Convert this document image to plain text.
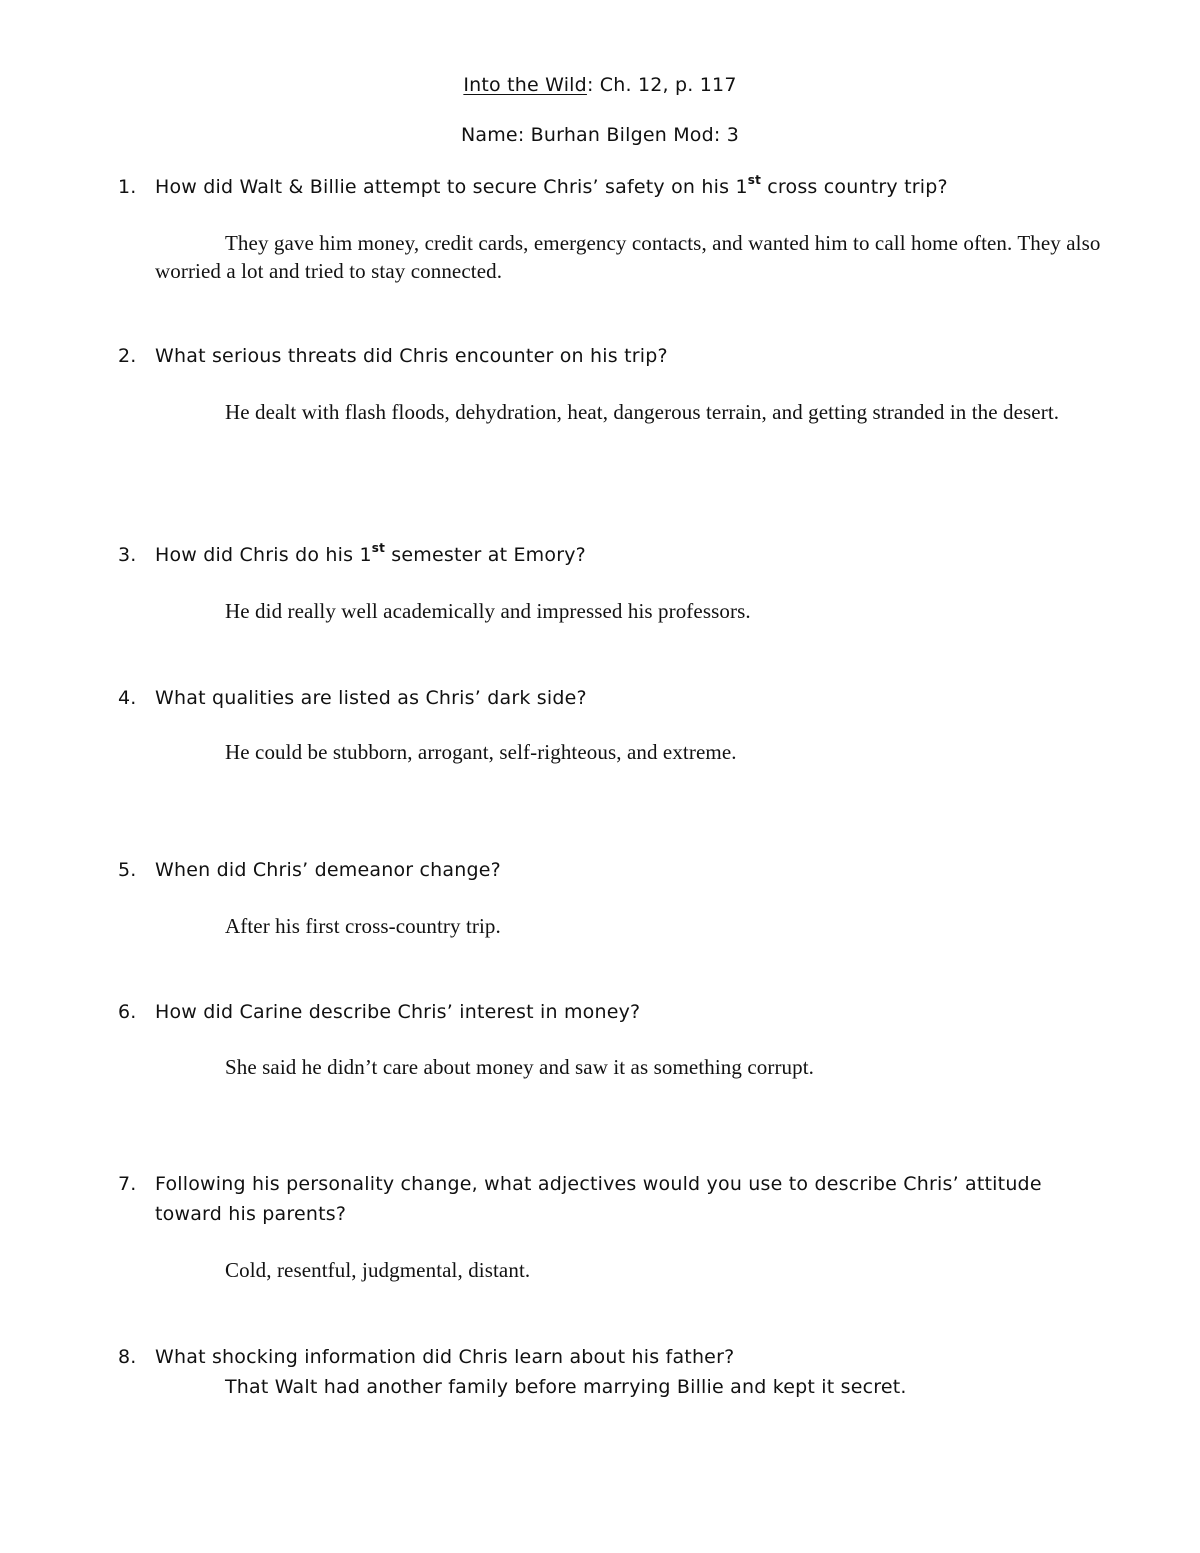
Into the Wild: Ch. 12, p. 117
Name: Burhan Bilgen Mod: 3
1. How did Walt & Billie attempt to secure Chris’ safety on his 1st cross country trip?
They gave him money, credit cards, emergency contacts, and wanted him to call home often. They also worried a lot and tried to stay connected.
2. What serious threats did Chris encounter on his trip?
He dealt with flash floods, dehydration, heat, dangerous terrain, and getting stranded in the desert.
3. How did Chris do his 1st semester at Emory?
He did really well academically and impressed his professors.
4. What qualities are listed as Chris’ dark side?
He could be stubborn, arrogant, self-righteous, and extreme.
5. When did Chris’ demeanor change?
After his first cross-country trip.
6. How did Carine describe Chris’ interest in money?
She said he didn’t care about money and saw it as something corrupt.
7. Following his personality change, what adjectives would you use to describe Chris’ attitude toward his parents?
Cold, resentful, judgmental, distant.
8. What shocking information did Chris learn about his father?
That Walt had another family before marrying Billie and kept it secret.
